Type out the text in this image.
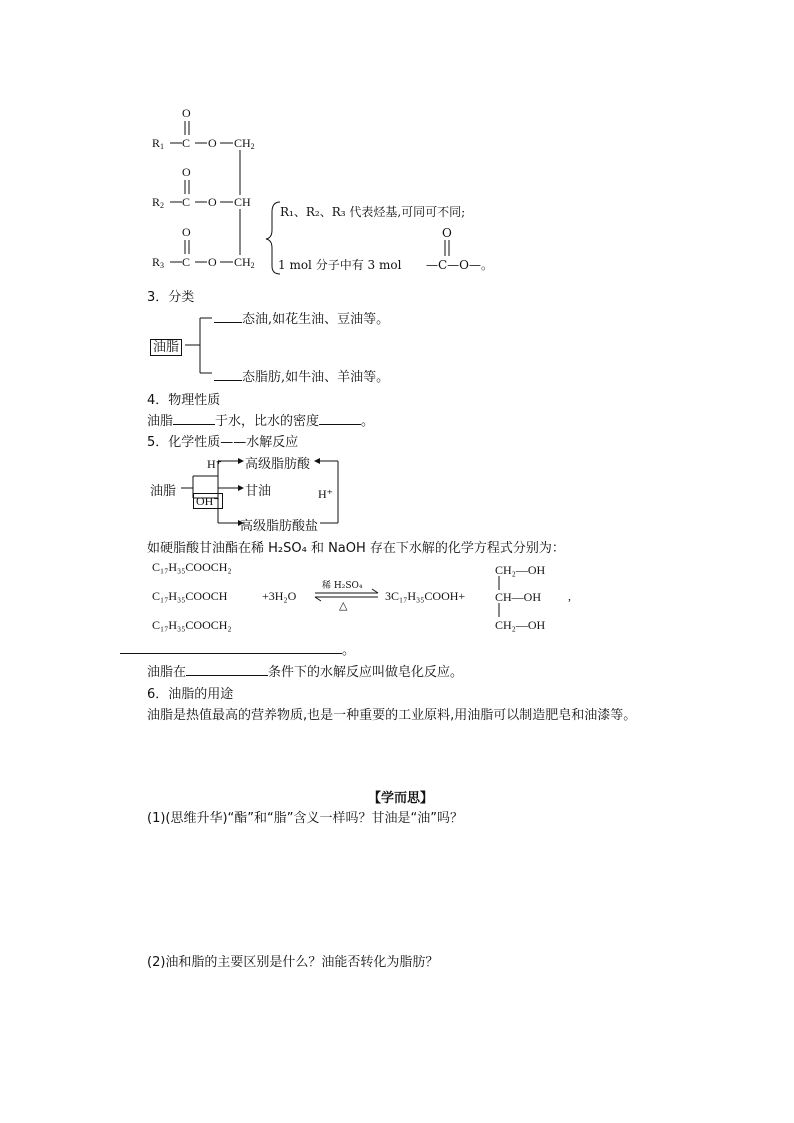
O
$R_1$ C O $CH_2$
O
$R_2$ C O CH
O
$R_3$ C O $CH_2$
R₁、R₂、R₃ 代表烃基,可同可不同;
O
1 mol 分子中有 3 mol —C—O—。
3．分类
油脂
态油,如花生油、豆油等。
态脂肪,如牛油、羊油等。
4．物理性质
油脂	于水，比水的密度	。
5．化学性质——水解反应
油脂
H⁺
OH⁻
高级脂肪酸
甘油
高级脂肪酸盐
H⁺
如硬脂酸甘油酯在稀 H₂SO₄ 和 NaOH 存在下水解的化学方程式分别为：
C₁₇H₃₅COOCH₂
C₁₇H₃₅COOCH
C₁₇H₃₅COOCH₂
+3H₂O
稀 H₂SO₄
△
3C₁₇H₃₅COOH+
CH₂—OH
CH—OH
CH₂—OH
,
。
油脂在	条件下的水解反应叫做皂化反应。
6．油脂的用途
油脂是热值最高的营养物质,也是一种重要的工业原料,用油脂可以制造肥皂和油漆等。
【学而思】
(1)(思维升华)“酯”和“脂”含义一样吗？甘油是“油”吗？
(2)油和脂的主要区别是什么？油能否转化为脂肪？
